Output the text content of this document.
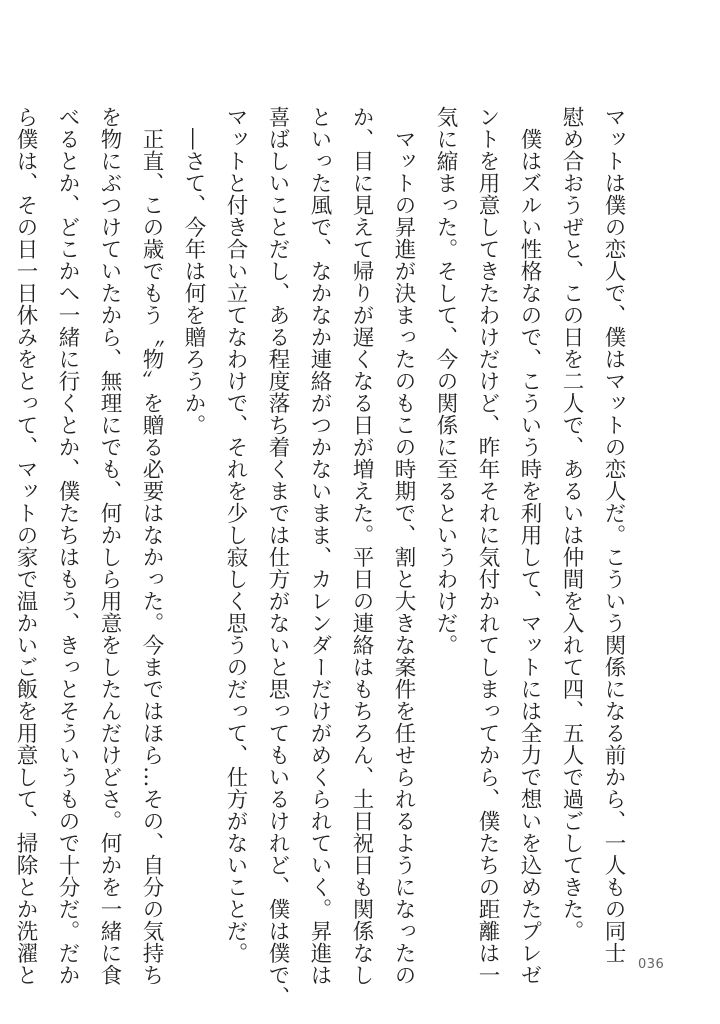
マットは僕の恋人で、僕はマットの恋人だ。こういう関係になる前から、一人もの同士
慰め合おうぜと、この日を二人で、あるいは仲間を入れて四、五人で過ごしてきた。
　僕はズルい性格なので、こういう時を利用して、マットには全力で想いを込めたプレゼ
ントを用意してきたわけだけど、昨年それに気付かれてしまってから、僕たちの距離は一
気に縮まった。そして、今の関係に至るというわけだ。
　マットの昇進が決まったのもこの時期で、割と大きな案件を任せられるようになったの
か、目に見えて帰りが遅くなる日が増えた。平日の連絡はもちろん、土日祝日も関係なし
といった風で、なかなか連絡がつかないまま、カレンダーだけがめくられていく。昇進は
喜ばしいことだし、ある程度落ち着くまでは仕方がないと思ってもいるけれど、僕は僕で、
マットと付き合い立てなわけで、それを少し寂しく思うのだって、仕方がないことだ。
　―さて、今年は何を贈ろうか。
　正直、この歳でもう〝物〟を贈る必要はなかった。今まではほら…その、自分の気持ち
を物にぶつけていたから、無理にでも、何かしら用意をしたんだけどさ。何かを一緒に食
べるとか、どこかへ一緒に行くとか、僕たちはもう、きっとそういうもので十分だ。だか
ら僕は、その日一日休みをとって、マットの家で温かいご飯を用意して、掃除とか洗濯と	036
